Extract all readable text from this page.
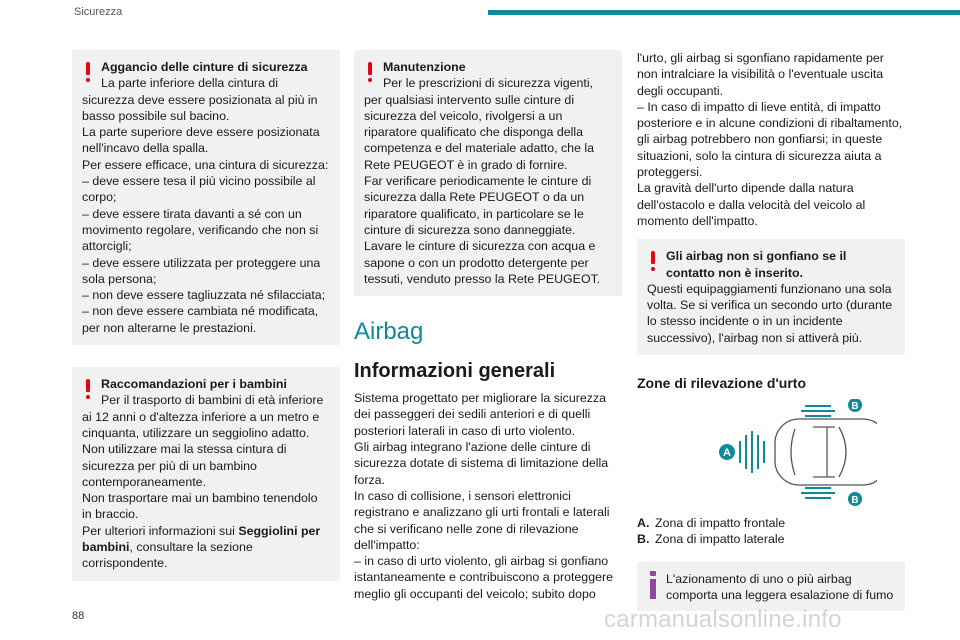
Sicurezza
Aggancio delle cinture di sicurezza
La parte inferiore della cintura di sicurezza deve essere posizionata al più in basso possibile sul bacino.
La parte superiore deve essere posizionata nell'incavo della spalla.
Per essere efficace, una cintura di sicurezza:
– deve essere tesa il più vicino possibile al corpo;
– deve essere tirata davanti a sé con un movimento regolare, verificando che non si attorcigli;
– deve essere utilizzata per proteggere una sola persona;
– non deve essere tagliuzzata né sfilacciata;
– non deve essere cambiata né modificata, per non alterarne le prestazioni.
Raccomandazioni per i bambini
Per il trasporto di bambini di età inferiore ai 12 anni o d'altezza inferiore a un metro e cinquanta, utilizzare un seggiolino adatto.
Non utilizzare mai la stessa cintura di sicurezza per più di un bambino contemporaneamente.
Non trasportare mai un bambino tenendolo in braccio.
Per ulteriori informazioni sui Seggiolini per bambini, consultare la sezione corrispondente.
Manutenzione
Per le prescrizioni di sicurezza vigenti, per qualsiasi intervento sulle cinture di sicurezza del veicolo, rivolgersi a un riparatore qualificato che disponga della competenza e del materiale adatto, che la Rete PEUGEOT è in grado di fornire.
Far verificare periodicamente le cinture di sicurezza dalla Rete PEUGEOT o da un riparatore qualificato, in particolare se le cinture di sicurezza sono danneggiate.
Lavare le cinture di sicurezza con acqua e sapone o con un prodotto detergente per tessuti, venduto presso la Rete PEUGEOT.
Airbag
Informazioni generali
Sistema progettato per migliorare la sicurezza dei passeggeri dei sedili anteriori e di quelli posteriori laterali in caso di urto violento.
Gli airbag integrano l'azione delle cinture di sicurezza dotate di sistema di limitazione della forza.
In caso di collisione, i sensori elettronici registrano e analizzano gli urti frontali e laterali che si verificano nelle zone di rilevazione dell'impatto:
– in caso di urto violento, gli airbag si gonfiano istantaneamente e contribuiscono a proteggere meglio gli occupanti del veicolo; subito dopo
l'urto, gli airbag si sgonfiano rapidamente per non intralciare la visibilità o l'eventuale uscita degli occupanti.
– In caso di impatto di lieve entità, di impatto posteriore e in alcune condizioni di ribaltamento, gli airbag potrebbero non gonfiarsi; in queste situazioni, solo la cintura di sicurezza aiuta a proteggersi.
La gravità dell'urto dipende dalla natura dell'ostacolo e dalla velocità del veicolo al momento dell'impatto.
Gli airbag non si gonfiano se il contatto non è inserito.
Questi equipaggiamenti funzionano una sola volta. Se si verifica un secondo urto (durante lo stesso incidente o in un incidente successivo), l'airbag non si attiverà più.
Zone di rilevazione d'urto
A
B
B
A. Zona di impatto frontale
B. Zona di impatto laterale
L'azionamento di uno o più airbag comporta una leggera esalazione di fumo
88	carmanualsonline.info
